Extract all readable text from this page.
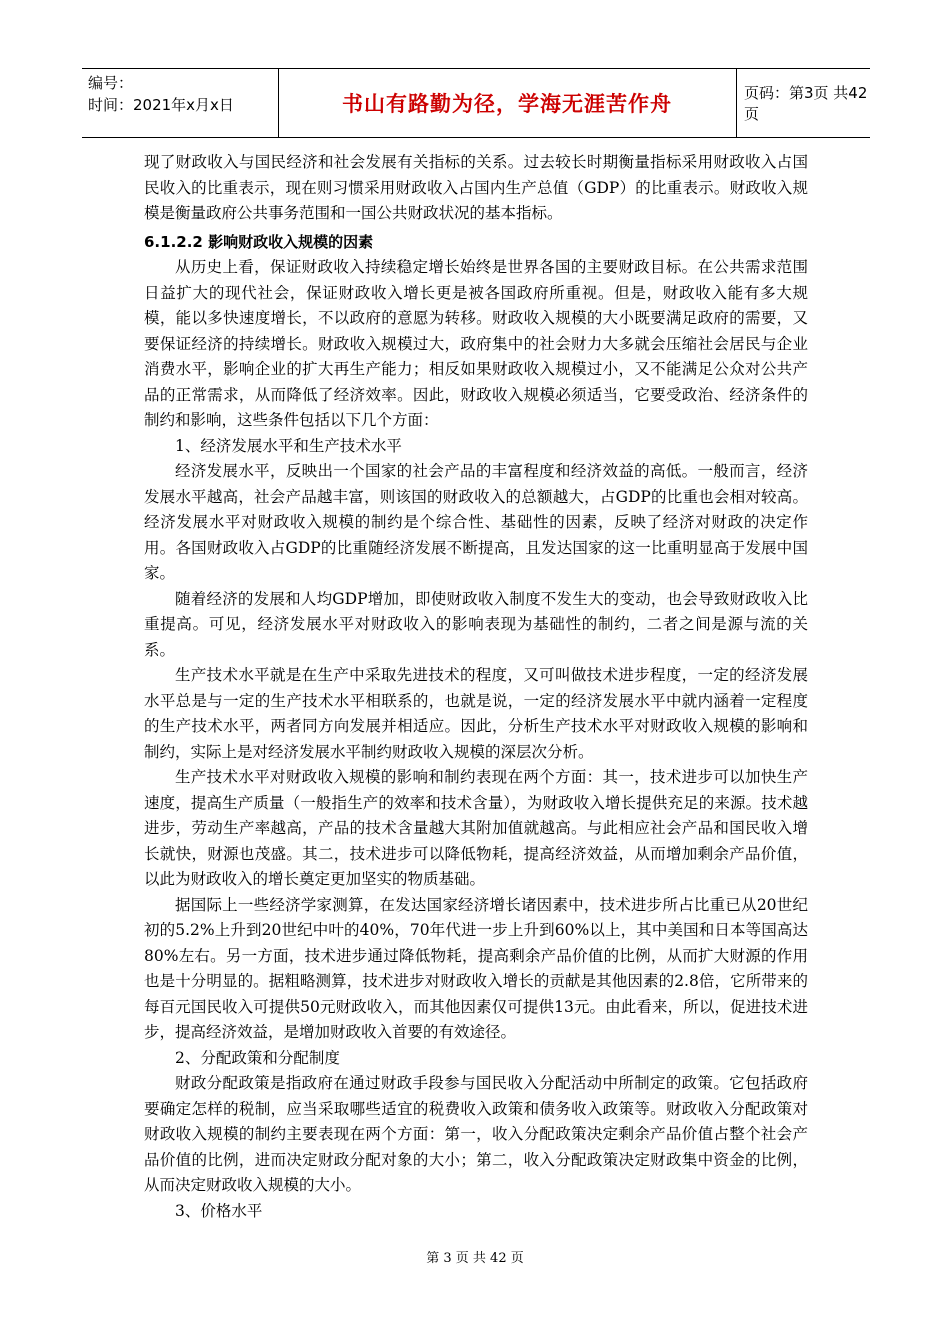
编号：
时间：2021年x月x日	书山有路勤为径，学海无涯苦作舟	页码：第3页 共42页

现了财政收入与国民经济和社会发展有关指标的关系。过去较长时期衡量指标采用财政收入占国民收入的比重表示，现在则习惯采用财政收入占国内生产总值（GDP）的比重表示。财政收入规模是衡量政府公共事务范围和一国公共财政状况的基本指标。

6.1.2.2 影响财政收入规模的因素

从历史上看，保证财政收入持续稳定增长始终是世界各国的主要财政目标。在公共需求范围日益扩大的现代社会，保证财政收入增长更是被各国政府所重视。但是，财政收入能有多大规模，能以多快速度增长，不以政府的意愿为转移。财政收入规模的大小既要满足政府的需要，又要保证经济的持续增长。财政收入规模过大，政府集中的社会财力大多就会压缩社会居民与企业消费水平，影响企业的扩大再生产能力；相反如果财政收入规模过小，又不能满足公众对公共产品的正常需求，从而降低了经济效率。因此，财政收入规模必须适当，它要受政治、经济条件的制约和影响，这些条件包括以下几个方面：

1、经济发展水平和生产技术水平

经济发展水平，反映出一个国家的社会产品的丰富程度和经济效益的高低。一般而言，经济发展水平越高，社会产品越丰富，则该国的财政收入的总额越大，占GDP的比重也会相对较高。经济发展水平对财政收入规模的制约是个综合性、基础性的因素，反映了经济对财政的决定作用。各国财政收入占GDP的比重随经济发展不断提高，且发达国家的这一比重明显高于发展中国家。

随着经济的发展和人均GDP增加，即使财政收入制度不发生大的变动，也会导致财政收入比重提高。可见，经济发展水平对财政收入的影响表现为基础性的制约，二者之间是源与流的关系。

生产技术水平就是在生产中采取先进技术的程度，又可叫做技术进步程度，一定的经济发展水平总是与一定的生产技术水平相联系的，也就是说，一定的经济发展水平中就内涵着一定程度的生产技术水平，两者同方向发展并相适应。因此，分析生产技术水平对财政收入规模的影响和制约，实际上是对经济发展水平制约财政收入规模的深层次分析。

生产技术水平对财政收入规模的影响和制约表现在两个方面：其一，技术进步可以加快生产速度，提高生产质量（一般指生产的效率和技术含量），为财政收入增长提供充足的来源。技术越进步，劳动生产率越高，产品的技术含量越大其附加值就越高。与此相应社会产品和国民收入增长就快，财源也茂盛。其二，技术进步可以降低物耗，提高经济效益，从而增加剩余产品价值，以此为财政收入的增长奠定更加坚实的物质基础。

据国际上一些经济学家测算，在发达国家经济增长诸因素中，技术进步所占比重已从20世纪初的5.2%上升到20世纪中叶的40%，70年代进一步上升到60%以上，其中美国和日本等国高达80%左右。另一方面，技术进步通过降低物耗，提高剩余产品价值的比例，从而扩大财源的作用也是十分明显的。据粗略测算，技术进步对财政收入增长的贡献是其他因素的2.8倍，它所带来的每百元国民收入可提供50元财政收入，而其他因素仅可提供13元。由此看来，所以，促进技术进步，提高经济效益，是增加财政收入首要的有效途径。

2、分配政策和分配制度

财政分配政策是指政府在通过财政手段参与国民收入分配活动中所制定的政策。它包括政府要确定怎样的税制，应当采取哪些适宜的税费收入政策和债务收入政策等。财政收入分配政策对财政收入规模的制约主要表现在两个方面：第一，收入分配政策决定剩余产品价值占整个社会产品价值的比例，进而决定财政分配对象的大小；第二，收入分配政策决定财政集中资金的比例，从而决定财政收入规模的大小。

3、价格水平

第 3 页 共 42 页
